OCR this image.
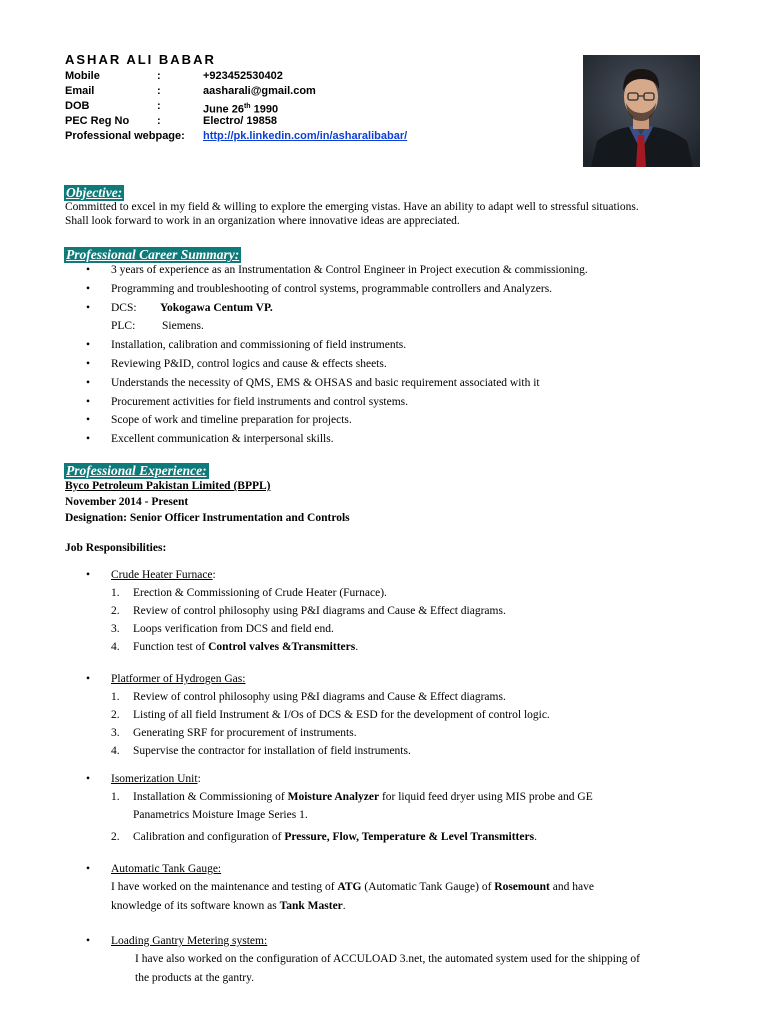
ASHAR ALI BABAR
Mobile	:	+923452530402
Email	:	aasharali@gmail.com
DOB	:	June 26th 1990
PEC Reg No	:	Electro/ 19858
Professional webpage: http://pk.linkedin.com/in/asharalibabar/
Objective:
Committed to excel in my field & willing to explore the emerging vistas. Have an ability to adapt well to stressful situations.
Shall look forward to work in an organization where innovative ideas are appreciated.
Professional Career Summary:
• 3 years of experience as an Instrumentation & Control Engineer in Project execution & commissioning.
• Programming and troubleshooting of control systems, programmable controllers and Analyzers.
• DCS: Yokogawa Centum VP.
PLC: Siemens.
• Installation, calibration and commissioning of field instruments.
• Reviewing P&ID, control logics and cause & effects sheets.
• Understands the necessity of QMS, EMS & OHSAS and basic requirement associated with it
• Procurement activities for field instruments and control systems.
• Scope of work and timeline preparation for projects.
• Excellent communication & interpersonal skills.
Professional Experience:
Byco Petroleum Pakistan Limited (BPPL)
November 2014 - Present
Designation: Senior Officer Instrumentation and Controls
Job Responsibilities:
• Crude Heater Furnace:
1. Erection & Commissioning of Crude Heater (Furnace).
2. Review of control philosophy using P&I diagrams and Cause & Effect diagrams.
3. Loops verification from DCS and field end.
4. Function test of Control valves &Transmitters.
• Platformer of Hydrogen Gas:
1. Review of control philosophy using P&I diagrams and Cause & Effect diagrams.
2. Listing of all field Instrument & I/Os of DCS & ESD for the development of control logic.
3. Generating SRF for procurement of instruments.
4. Supervise the contractor for installation of field instruments.
• Isomerization Unit:
1. Installation & Commissioning of Moisture Analyzer for liquid feed dryer using MIS probe and GE
Panametrics Moisture Image Series 1.
2. Calibration and configuration of Pressure, Flow, Temperature & Level Transmitters.
• Automatic Tank Gauge:
I have worked on the maintenance and testing of ATG (Automatic Tank Gauge) of Rosemount and have
knowledge of its software known as Tank Master.
• Loading Gantry Metering system:
I have also worked on the configuration of ACCULOAD 3.net, the automated system used for the shipping of
the products at the gantry.
